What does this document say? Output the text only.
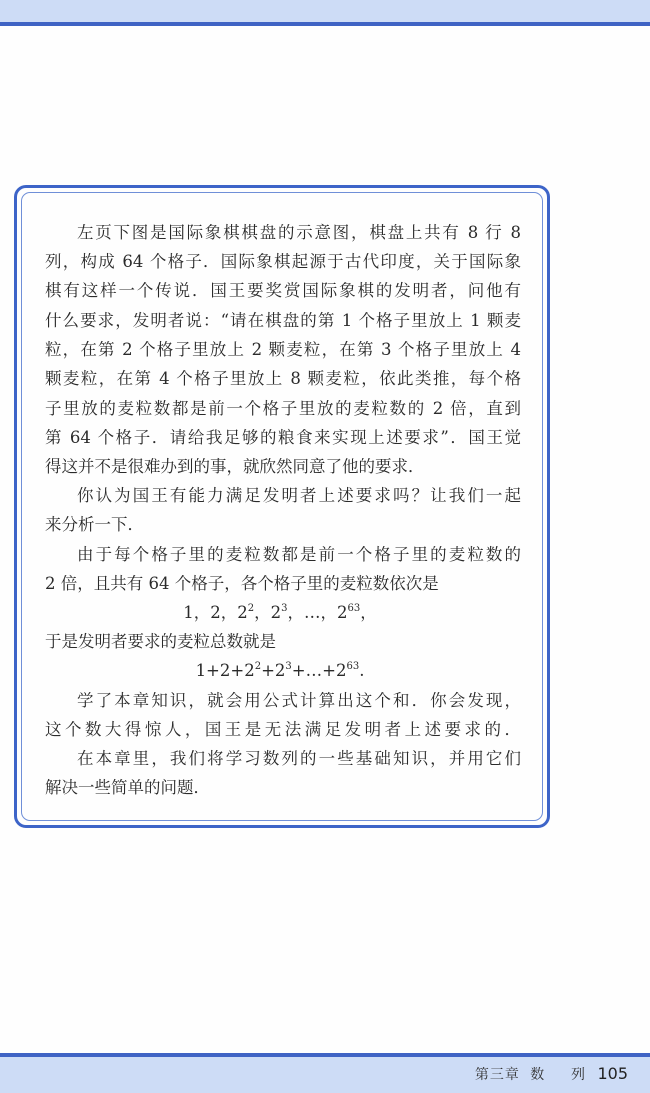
左页下图是国际象棋棋盘的示意图，棋盘上共有 8 行 8
列，构成 64 个格子．国际象棋起源于古代印度，关于国际象
棋有这样一个传说．国王要奖赏国际象棋的发明者，问他有
什么要求，发明者说：“请在棋盘的第 1 个格子里放上 1 颗麦
粒，在第 2 个格子里放上 2 颗麦粒，在第 3 个格子里放上 4
颗麦粒，在第 4 个格子里放上 8 颗麦粒，依此类推，每个格
子里放的麦粒数都是前一个格子里放的麦粒数的 2 倍，直到
第 64 个格子．请给我足够的粮食来实现上述要求”．国王觉
得这并不是很难办到的事，就欣然同意了他的要求．
你认为国王有能力满足发明者上述要求吗？让我们一起
来分析一下．
由于每个格子里的麦粒数都是前一个格子里的麦粒数的
2 倍，且共有 64 个格子，各个格子里的麦粒数依次是
1，2，$2^2$，$2^3$，…，$2^{63}$，
于是发明者要求的麦粒总数就是
$1+2+2^2+2^3+\dots+2^{63}$.
学了本章知识，就会用公式计算出这个和．你会发现，
这个数大得惊人，国王是无法满足发明者上述要求的．
在本章里，我们将学习数列的一些基础知识，并用它们
解决一些简单的问题．
第三章 数 列 105
